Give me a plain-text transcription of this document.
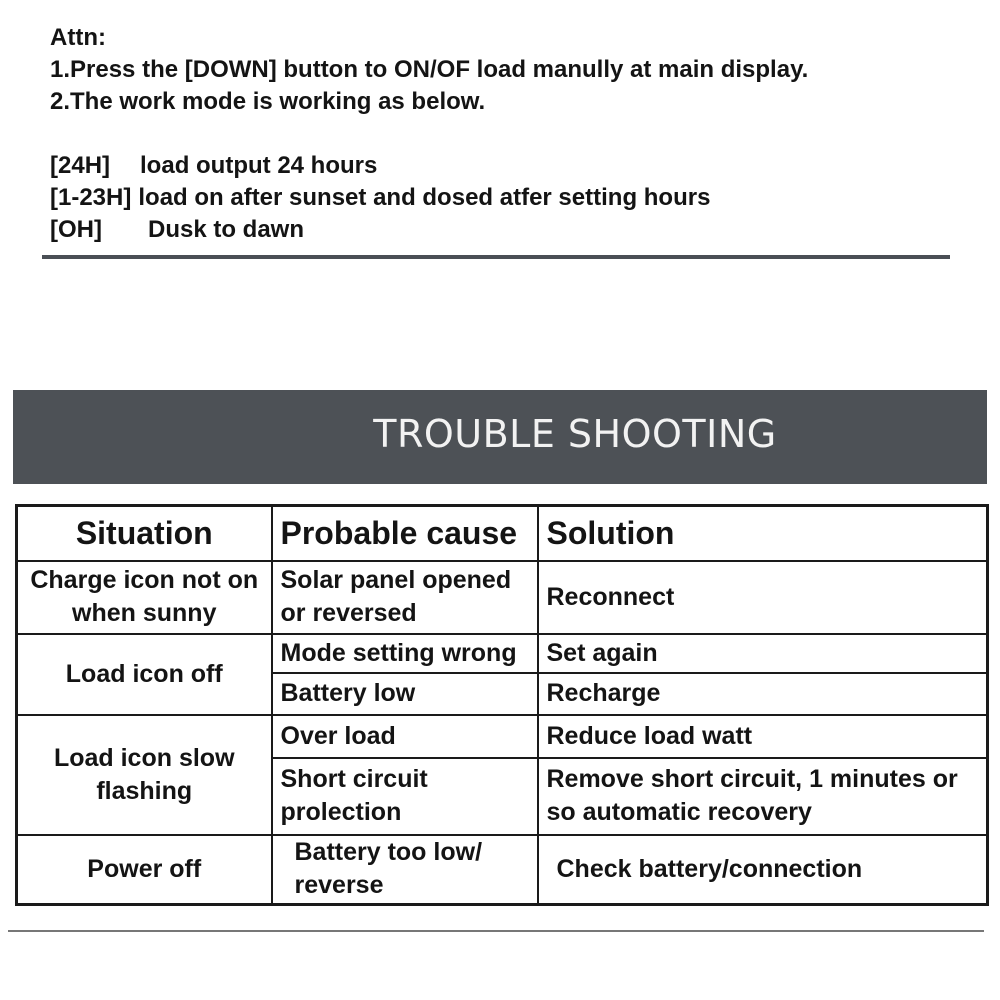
Attn:
1.Press the [DOWN] button to ON/OF load manully at main display.
2.The work mode is working as below.
[24H] load output 24 hours
[1-23H] load on after sunset and dosed atfer setting hours
[OH] Dusk to dawn
TROUBLE SHOOTING
Situation	Probable cause	Solution
Charge icon not on when sunny	Solar panel opened or reversed	Reconnect
Load icon off	Mode setting wrong	Set again
	Battery low	Recharge
Load icon slow flashing	Over load	Reduce load watt
	Short circuit prolection	Remove short circuit, 1 minutes or so automatic recovery
Power off	Battery too low/ reverse	Check battery/connection
